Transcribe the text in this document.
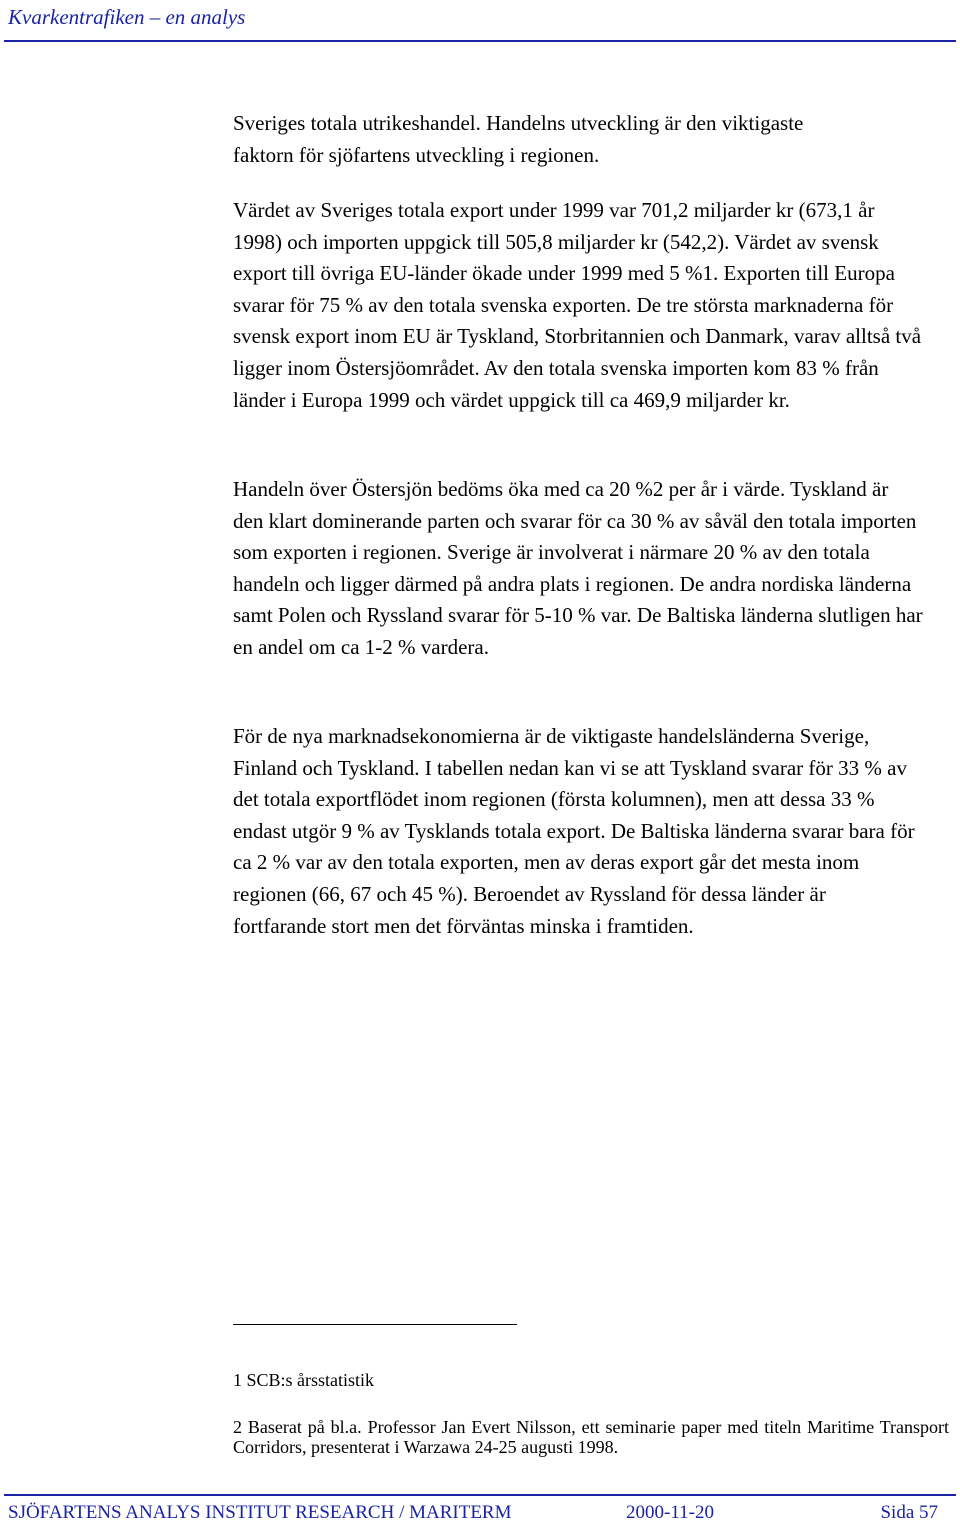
Kvarkentrafiken – en analys

Sveriges totala utrikeshandel. Handelns utveckling är den viktigaste faktorn för sjöfartens utveckling i regionen.

Värdet av Sveriges totala export under 1999 var 701,2 miljarder kr (673,1 år 1998) och importen uppgick till 505,8 miljarder kr (542,2). Värdet av svensk export till övriga EU-länder ökade under 1999 med 5 %1. Exporten till Europa svarar för 75 % av den totala svenska exporten. De tre största marknaderna för svensk export inom EU är Tyskland, Storbritannien och Danmark, varav alltså två ligger inom Östersjöområdet. Av den totala svenska importen kom 83 % från länder i Europa 1999 och värdet uppgick till ca 469,9 miljarder kr.

Handeln över Östersjön bedöms öka med ca 20 %2 per år i värde. Tyskland är den klart dominerande parten och svarar för ca 30 % av såväl den totala importen som exporten i regionen. Sverige är involverat i närmare 20 % av den totala handeln och ligger därmed på andra plats i regionen. De andra nordiska länderna samt Polen och Ryssland svarar för 5-10 % var. De Baltiska länderna slutligen har en andel om ca 1-2 % vardera.

För de nya marknadsekonomierna är de viktigaste handelsländerna Sverige, Finland och Tyskland. I tabellen nedan kan vi se att Tyskland svarar för 33 % av det totala exportflödet inom regionen (första kolumnen), men att dessa 33 % endast utgör 9 % av Tysklands totala export. De Baltiska länderna svarar bara för ca 2 % var av den totala exporten, men av deras export går det mesta inom regionen (66, 67 och 45 %). Beroendet av Ryssland för dessa länder är fortfarande stort men det förväntas minska i framtiden.

1 SCB:s årsstatistik

2 Baserat på bl.a. Professor Jan Evert Nilsson, ett seminarie paper med titeln Maritime Transport Corridors, presenterat i Warzawa 24-25 augusti 1998.

SJÖFARTENS ANALYS INSTITUT RESEARCH / MARITERM	2000-11-20	Sida 57
